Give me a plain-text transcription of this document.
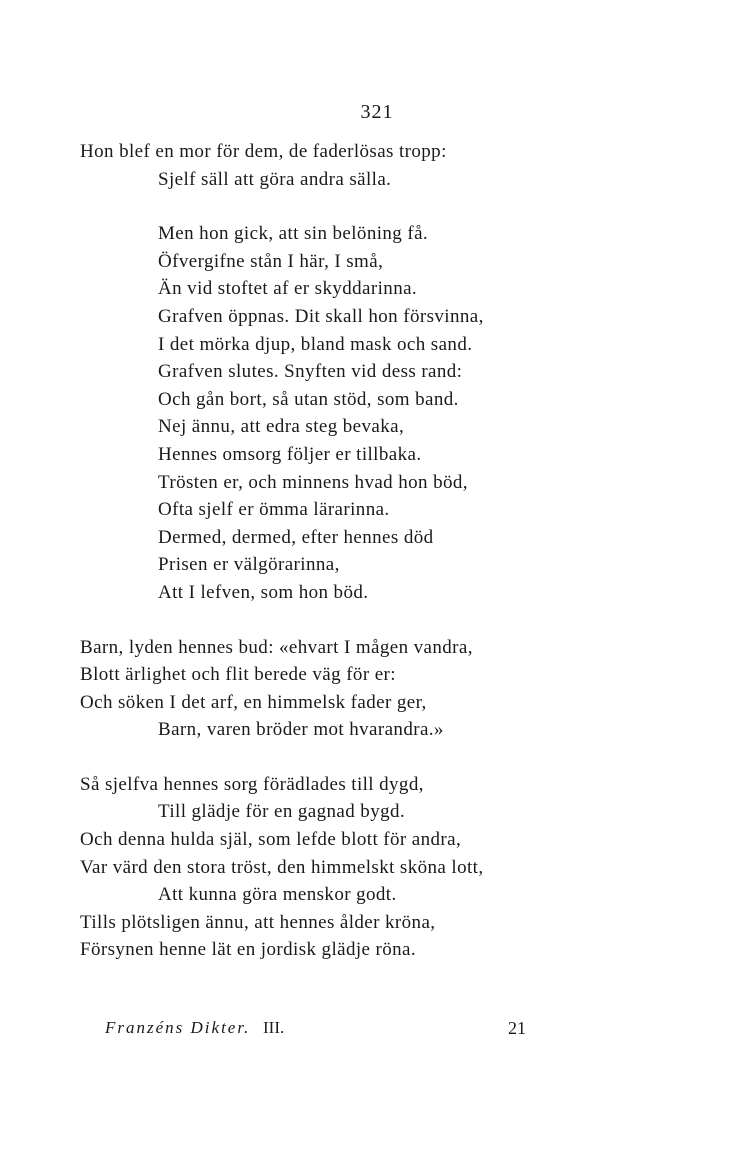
321
Hon blef en mor för dem, de faderlösas tropp:
Sjelf säll att göra andra sälla.
Men hon gick, att sin belöning få.
Öfvergifne stån I här, I små,
Än vid stoftet af er skyddarinna.
Grafven öppnas. Dit skall hon försvinna,
I det mörka djup, bland mask och sand.
Grafven slutes. Snyften vid dess rand:
Och gån bort, så utan stöd, som band.
Nej ännu, att edra steg bevaka,
Hennes omsorg följer er tillbaka.
Trösten er, och minnens hvad hon böd,
Ofta sjelf er ömma lärarinna.
Dermed, dermed, efter hennes död
Prisen er välgörarinna,
Att I lefven, som hon böd.
Barn, lyden hennes bud: «ehvart I mågen vandra,
Blott ärlighet och flit berede väg för er:
Och söken I det arf, en himmelsk fader ger,
Barn, varen bröder mot hvarandra.»
Så sjelfva hennes sorg förädlades till dygd,
Till glädje för en gagnad bygd.
Och denna hulda själ, som lefde blott för andra,
Var värd den stora tröst, den himmelskt sköna lott,
Att kunna göra menskor godt.
Tills plötsligen ännu, att hennes ålder kröna,
Försynen henne lät en jordisk glädje röna.
Franzéns Dikter. III.	21
